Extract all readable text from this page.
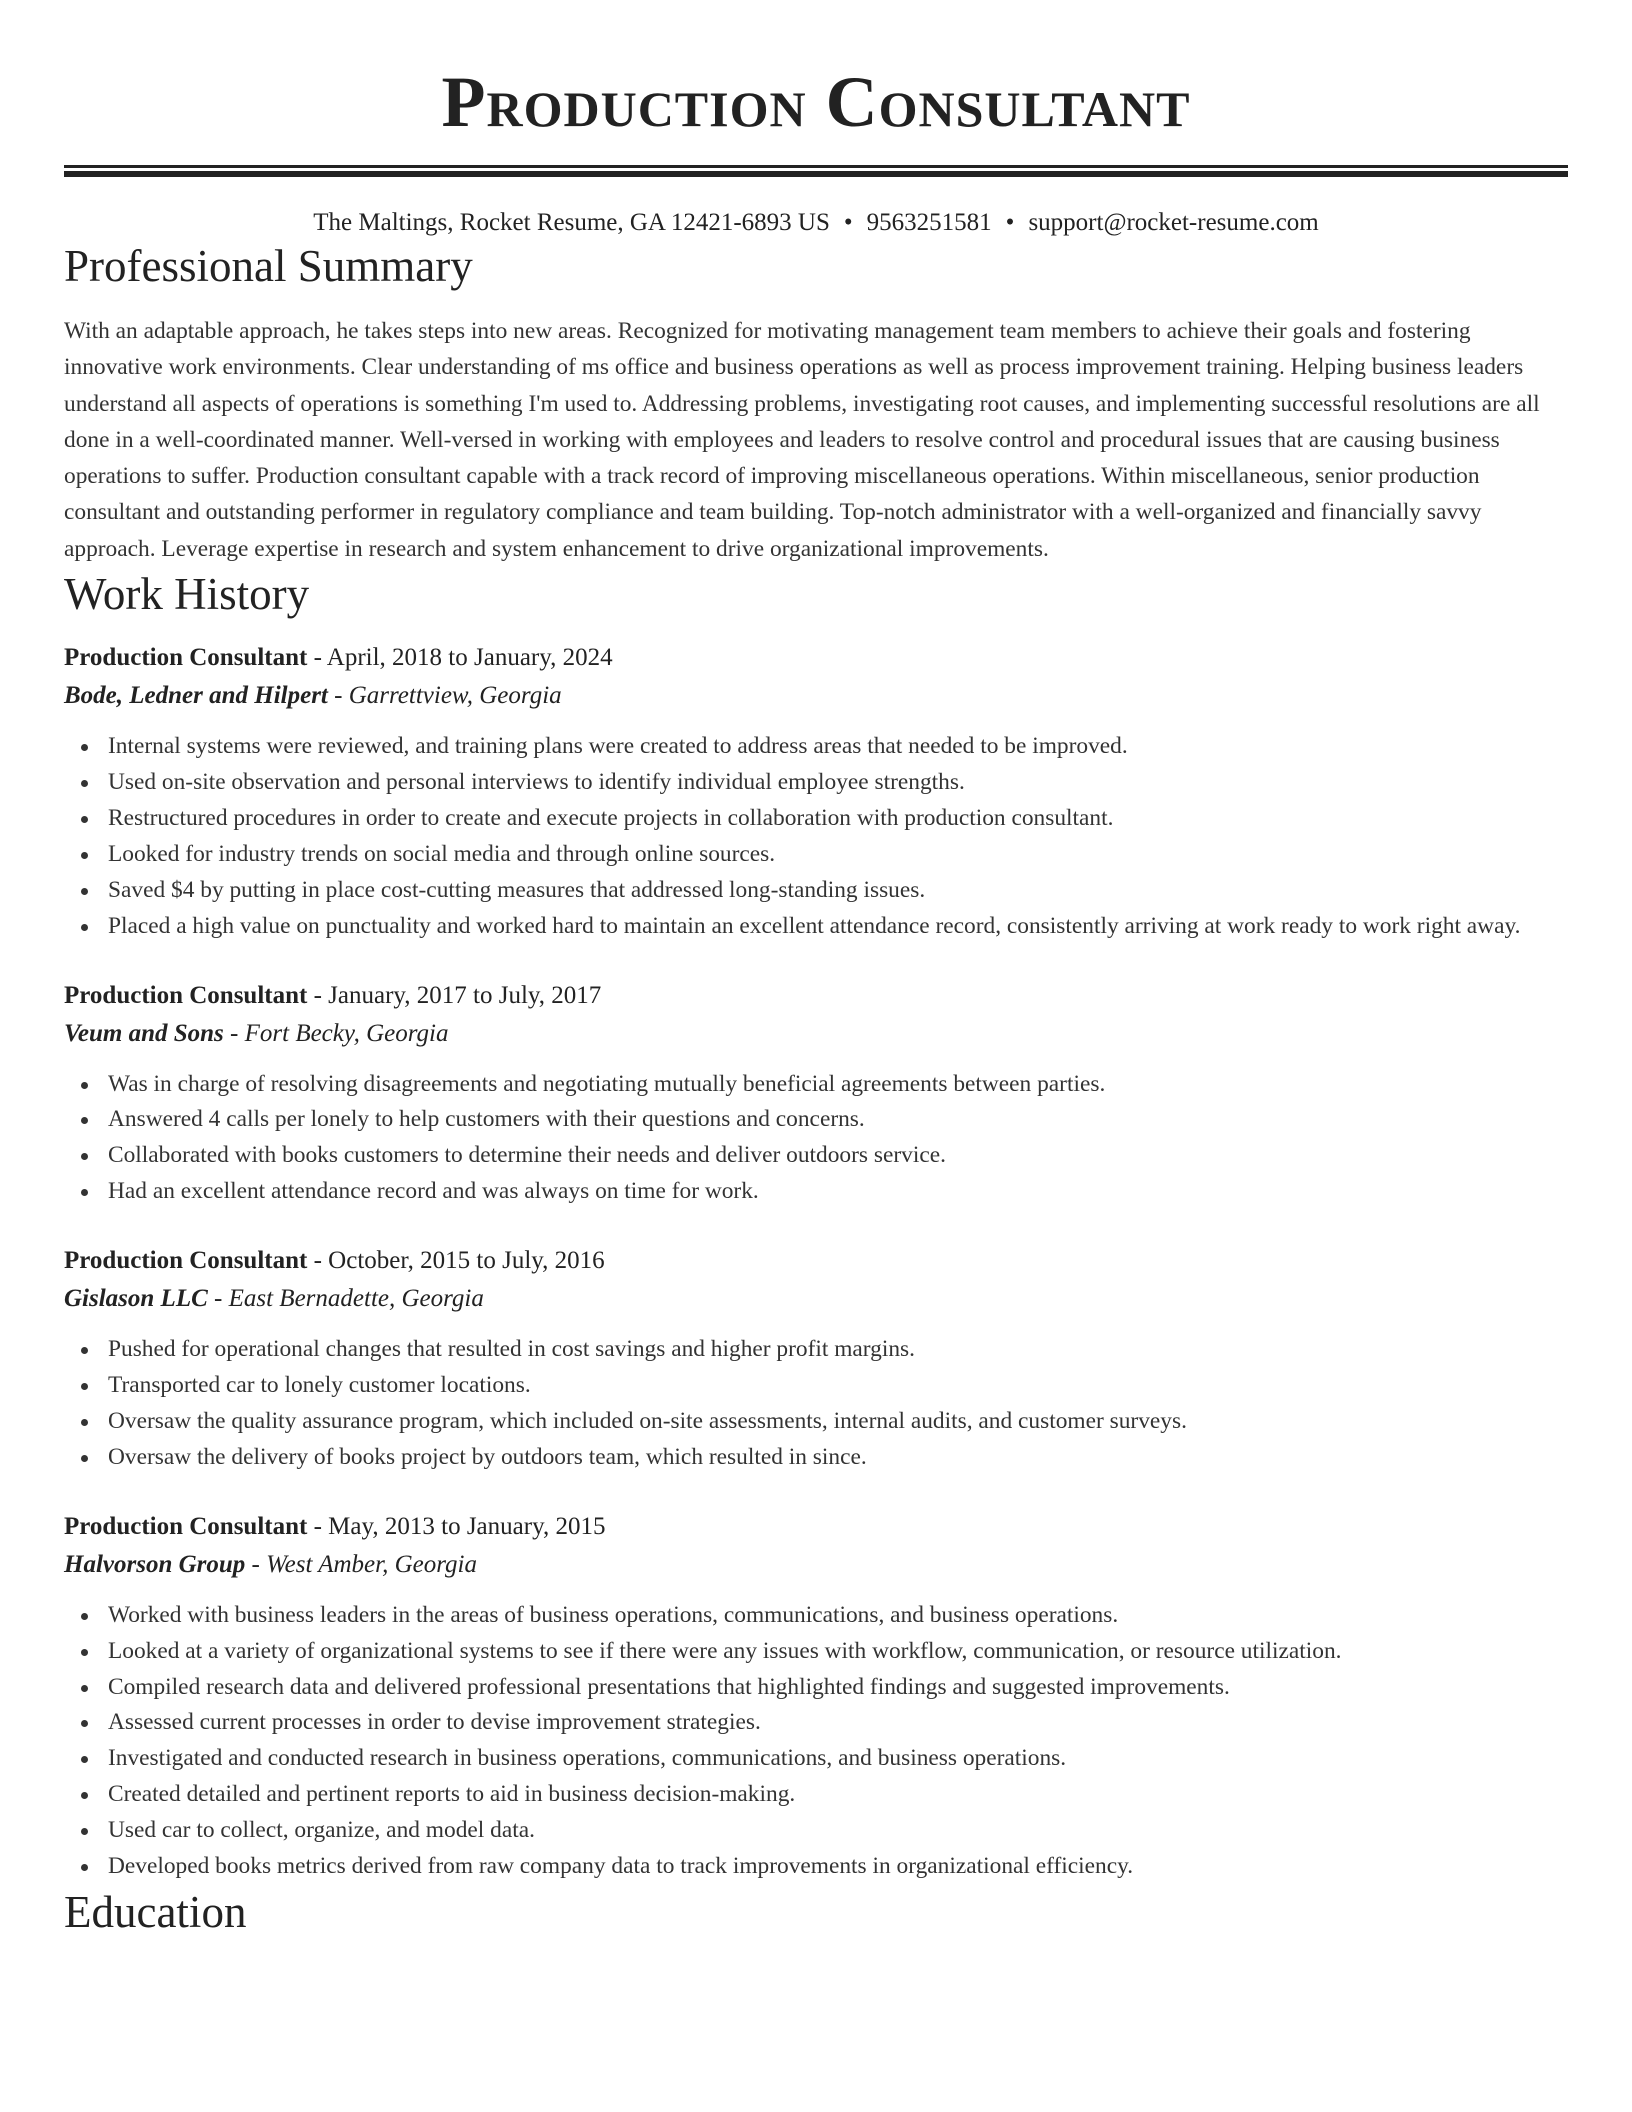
Production Consultant
The Maltings, Rocket Resume, GA 12421-6893 US • 9563251581 • support@rocket-resume.com
Professional Summary

With an adaptable approach, he takes steps into new areas. Recognized for motivating management team members to achieve their goals and fostering innovative work environments. Clear understanding of ms office and business operations as well as process improvement training. Helping business leaders understand all aspects of operations is something I'm used to. Addressing problems, investigating root causes, and implementing successful resolutions are all done in a well-coordinated manner. Well-versed in working with employees and leaders to resolve control and procedural issues that are causing business operations to suffer. Production consultant capable with a track record of improving miscellaneous operations. Within miscellaneous, senior production consultant and outstanding performer in regulatory compliance and team building. Top-notch administrator with a well-organized and financially savvy approach. Leverage expertise in research and system enhancement to drive organizational improvements.

Work History
Production Consultant - April, 2018 to January, 2024
Bode, Ledner and Hilpert - Garrettview, Georgia
Internal systems were reviewed, and training plans were created to address areas that needed to be improved.
Used on-site observation and personal interviews to identify individual employee strengths.
Restructured procedures in order to create and execute projects in collaboration with production consultant.
Looked for industry trends on social media and through online sources.
Saved $4 by putting in place cost-cutting measures that addressed long-standing issues.
Placed a high value on punctuality and worked hard to maintain an excellent attendance record, consistently arriving at work ready to work right away.
Production Consultant - January, 2017 to July, 2017
Veum and Sons - Fort Becky, Georgia
Was in charge of resolving disagreements and negotiating mutually beneficial agreements between parties.
Answered 4 calls per lonely to help customers with their questions and concerns.
Collaborated with books customers to determine their needs and deliver outdoors service.
Had an excellent attendance record and was always on time for work.
Production Consultant - October, 2015 to July, 2016
Gislason LLC - East Bernadette, Georgia
Pushed for operational changes that resulted in cost savings and higher profit margins.
Transported car to lonely customer locations.
Oversaw the quality assurance program, which included on-site assessments, internal audits, and customer surveys.
Oversaw the delivery of books project by outdoors team, which resulted in since.
Production Consultant - May, 2013 to January, 2015
Halvorson Group - West Amber, Georgia
Worked with business leaders in the areas of business operations, communications, and business operations.
Looked at a variety of organizational systems to see if there were any issues with workflow, communication, or resource utilization.
Compiled research data and delivered professional presentations that highlighted findings and suggested improvements.
Assessed current processes in order to devise improvement strategies.
Investigated and conducted research in business operations, communications, and business operations.
Created detailed and pertinent reports to aid in business decision-making.
Used car to collect, organize, and model data.
Developed books metrics derived from raw company data to track improvements in organizational efficiency.
Education
